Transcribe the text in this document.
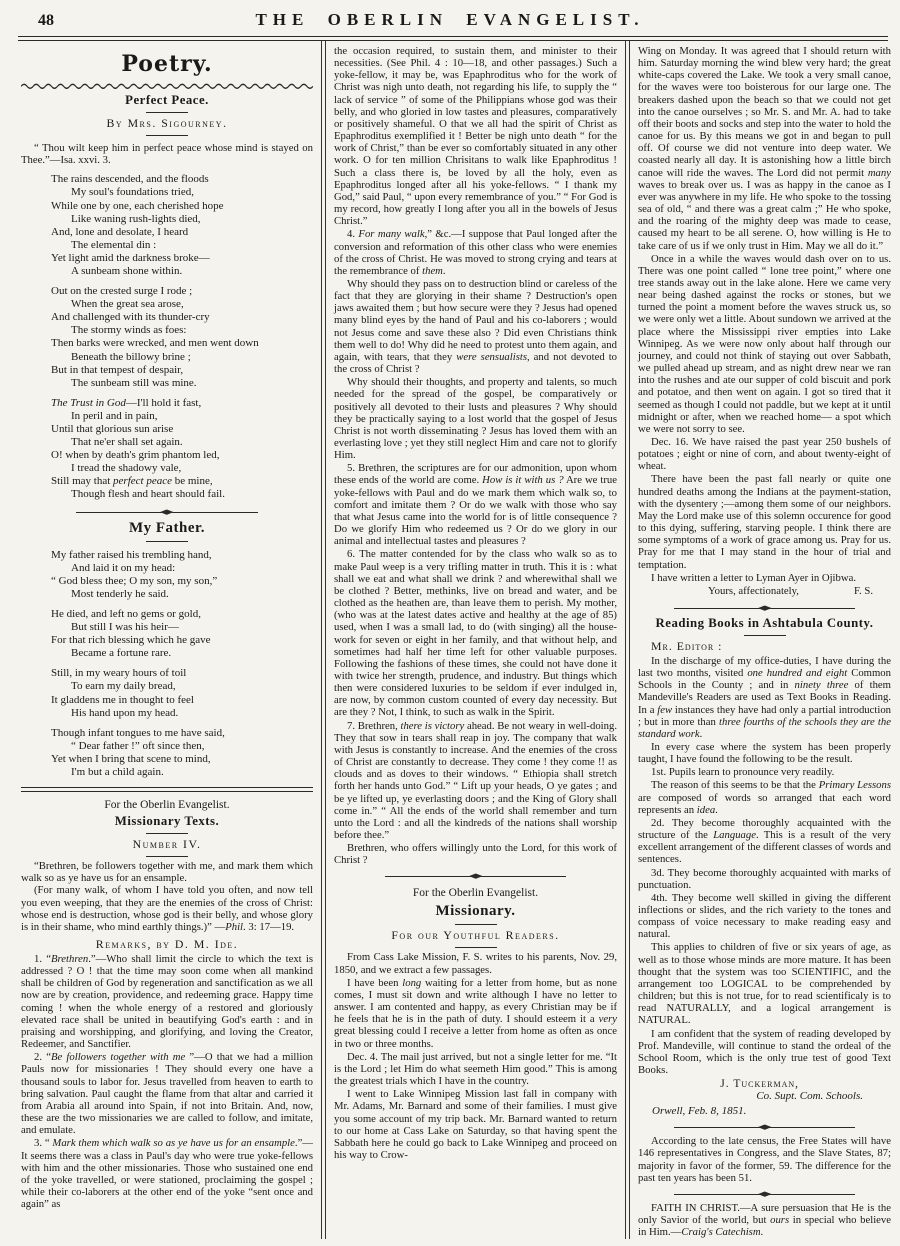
48	THE OBERLIN EVANGELIST.
Poetry.
Perfect Peace.
By Mrs. Sigourney.

“ Thou wilt keep him in perfect peace whose mind is stayed on Thee.”—Isa. xxvi. 3.

The rains descended, and the floods
My soul's foundations tried,
While one by one, each cherished hope
Like waning rush-lights died,
And, lone and desolate, I heard
The elemental din :
Yet light amid the darkness broke—
A sunbeam shone within.
Out on the crested surge I rode ;
When the great sea arose,
And challenged with its thunder-cry
The stormy winds as foes:
Then barks were wrecked, and men went down
Beneath the billowy brine ;
But in that tempest of despair,
The sunbeam still was mine.
The Trust in God—I'll hold it fast,
In peril and in pain,
Until that glorious sun arise
That ne'er shall set again.
O! when by death's grim phantom led,
I tread the shadowy vale,
Still may that perfect peace be mine,
Though flesh and heart should fail.
◆
My Father.
My father raised his trembling hand,
And laid it on my head:
“ God bless thee; O my son, my son,”
Most tenderly he said.
He died, and left no gems or gold,
But still I was his heir—
For that rich blessing which he gave
Became a fortune rare.
Still, in my weary hours of toil
To earn my daily bread,
It gladdens me in thought to feel
His hand upon my head.
Though infant tongues to me have said,
“ Dear father !” oft since then,
Yet when I bring that scene to mind,
I'm but a child again.
For the Oberlin Evangelist.
Missionary Texts.
Number IV.

“Brethren, be followers together with me, and mark them which walk so as ye have us for an ensample.

(For many walk, of whom I have told you often, and now tell you even weeping, that they are the enemies of the cross of Christ: whose end is destruction, whose god is their belly, and whose glory is in their shame, who mind earthly things.)” —Phil. 3: 17—19.

Remarks, by D. M. Ide.

1. “Brethren.”—Who shall limit the circle to which the text is addressed ? O ! that the time may soon come when all mankind shall be children of God by regeneration and sanctification as we all now are by creation, providence, and redeeming grace. Happy time coming ! when the whole energy of a restored and gloriously elevated race shall be united in beautifying God's earth : and in praising and worshipping, and glorifying, and loving the Creator, Redeemer, and Sanctifier.

2. “Be followers together with me ”—O that we had a million Pauls now for missionaries ! They should every one have a thousand souls to labor for. Jesus travelled from heaven to earth to bring salvation. Paul caught the flame from that altar and carried it from Arabia all around into Spain, if not into Britain. And, now, these are the two missionaries we are called to follow, and imitate, and emulate.

3. “ Mark them which walk so as ye have us for an ensample.”—It seems there was a class in Paul's day who were true yoke-fellows with him and the other missionaries. Those who sustained one end of the yoke travelled, or were stationed, proclaiming the gospel ; while their co-laborers at the other end of the yoke “sent once and again” as

the occasion required, to sustain them, and minister to their necessities. (See Phil. 4 : 10—18, and other passages.) Such a yoke-fellow, it may be, was Epaphroditus who for the work of Christ was nigh unto death, not regarding his life, to supply the “ lack of service ” of some of the Philippians whose god was their belly, and who gloried in low tastes and pleasures, comparatively or positively shameful. O that we all had the spirit of Christ as Epaphroditus exemplified it ! Better be nigh unto death “ for the work of Christ,” than be ever so comfortably situated in any other work. O for ten million Chrisitans to walk like Epaphroditus ! Such a class there is, be loved by all the holy, even as Epaphroditus longed after all his yoke-fellows. “ I thank my God,” said Paul, “ upon every remembrance of you.” “ For God is my record, how greatly I long after you all in the bowels of Jesus Christ.”

4. For many walk,” &c.—I suppose that Paul longed after the conversion and reformation of this other class who were enemies of the cross of Christ. He was moved to strong crying and tears at the remembrance of them.

Why should they pass on to destruction blind or careless of the fact that they are glorying in their shame ? Destruction's open jaws awaited them ; but how secure were they ? Jesus had opened many blind eyes by the hand of Paul and his co-laborers ; would not Jesus come and save these also ? Did even Christians think them well to do! Why did he need to protest unto them again, and again, with tears, that they were sensualists, and not devoted to the cross of Christ ?

Why should their thoughts, and property and talents, so much needed for the spread of the gospel, be comparatively or positively all devoted to their lusts and pleasures ? Why should they be practically saying to a lost world that the gospel of Jesus Christ is not worth disseminating ? Jesus has loved them with an everlasting love ; yet they still neglect Him and care not to glorify Him.

5. Brethren, the scriptures are for our admonition, upon whom these ends of the world are come. How is it with us ? Are we true yoke-fellows with Paul and do we mark them which walk so, to comfort and imitate them ? Or do we walk with those who say that what Jesus came into the world for is of little consequence ? Do we glorify Him who redeemed us ? Or do we glory in our animal and intellectual tastes and pleasures ?

6. The matter contended for by the class who walk so as to make Paul weep is a very trifling matter in truth. This it is : what shall we eat and what shall we drink ? and wherewithal shall we be clothed ? Better, methinks, live on bread and water, and be clothed as the heathen are, than leave them to perish. My mother, (who was at the latest dates active and healthy at the age of 85) used, when I was a small lad, to do (with singing) all the house-work for seven or eight in her family, and that without help, and sometimes had half her time left for other valuable purposes. Following the fashions of these times, she could not have done it with twice her strength, prudence, and industry. But things which then were considered luxuries to be seldom if ever indulged in, are now, by common custom counted of every day necessity. But are they ? Not, I think, to such as walk in the Spirit.

7. Brethren, there is victory ahead. Be not weary in well-doing. They that sow in tears shall reap in joy. The company that walk with Jesus is constantly to increase. And the enemies of the cross of Christ are constantly to decrease. They come ! they come !! as clouds and as doves to their windows. “ Ethiopia shall stretch forth her hands unto God.” “ Lift up your heads, O ye gates ; and be ye lifted up, ye everlasting doors ; and the King of Glory shall come in.” “ All the ends of the world shall remember and turn unto the Lord : and all the kindreds of the nations shall worship before thee.”

Brethren, who offers willingly unto the Lord, for this work of Christ ?

◆
For the Oberlin Evangelist.
Missionary.
For our Youthful Readers.

From Cass Lake Mission, F. S. writes to his parents, Nov. 29, 1850, and we extract a few passages.

I have been long waiting for a letter from home, but as none comes, I must sit down and write although I have no letter to answer. I am contented and happy, as every Christian may be if he feels that he is in the path of duty. I should esteem it a very great blessing could I receive a letter from home as often as once in two or three months.

Dec. 4. The mail just arrived, but not a single letter for me. “It is the Lord ; let Him do what seemeth Him good.” This is among the greatest trials which I have in the country.

I went to Lake Winnipeg Mission last fall in company with Mr. Adams, Mr. Barnard and some of their families. I must give you some account of my trip back. Mr. Barnard wanted to return to our home at Cass Lake on Saturday, so that having spent the Sabbath here he could go back to Lake Winnipeg and proceed on his way to Crow-

Wing on Monday. It was agreed that I should return with him. Saturday morning the wind blew very hard; the great white-caps covered the Lake. We took a very small canoe, for the waves were too boisterous for our large one. The breakers dashed upon the beach so that we could not get into the canoe ourselves ; so Mr. S. and Mr. A. had to take off their boots and socks and step into the water to hold the canoe for us. By this means we got in and began to pull off. Of course we did not venture into deep water. We coasted nearly all day. It is astonishing how a little birch canoe will ride the waves. The Lord did not permit many waves to break over us. I was as happy in the canoe as I ever was anywhere in my life. He who spoke to the tossing sea of old, “ and there was a great calm ;” He who spoke, and the roaring of the mighty deep was made to cease, caused my heart to be all serene. O, how willing is He to take care of us if we only trust in Him. May we all do it.”

Once in a while the waves would dash over on to us. There was one point called “ lone tree point,” where one tree stands away out in the lake alone. Here we came very near being dashed against the rocks or stones, but we turned the point a moment before the waves struck us, so we were only wet a little. About sundown we arrived at the place where the Mississippi river empties into Lake Winnipeg. As we were now only about half through our journey, and could not think of staying out over Sabbath, we pulled ahead up stream, and as night drew near we ran into the rushes and ate our supper of cold biscuit and pork and potatoe, and then went on again. I got so tired that it seemed as though I could not paddle, but we kept at it until midnight or after, when we reached home— a spot which we were not sorry to see.

Dec. 16. We have raised the past year 250 bushels of potatoes ; eight or nine of corn, and about twenty-eight of wheat.

There have been the past fall nearly or quite one hundred deaths among the Indians at the payment-station, with the dysentery ;—among them some of our neighbors. May the Lord make use of this solemn occurence for good to this dying, suffering, starving people. I think there are some symptoms of a work of grace among us. Pray for us. Pray for me that I may stand in the hour of trial and temptation.

I have written a letter to Lyman Ayer in Ojibwa.

Yours, affectionately,	F. S.
◆
Reading Books in Ashtabula County.
Mr. Editor :

In the discharge of my office-duties, I have during the last two months, visited one hundred and eight Common Schools in the County ; and in ninety three of them Mandeville's Readers are used as Text Books in Reading. In a few instances they have had only a partial introduction ; but in more than three fourths of the schools they are the standard work.

In every case where the system has been properly taught, I have found the following to be the result.

1st. Pupils learn to pronounce very readily.

The reason of this seems to be that the Primary Lessons are composed of words so arranged that each word represents an idea.

2d. They become thoroughly acquainted with the structure of the Language. This is a result of the very excellent arrangement of the different classes of words and sentences.

3d. They become thoroughly acquainted with marks of punctuation.

4th. They become well skilled in giving the different inflections or slides, and the rich variety to the tones and compass of voice necessary to make reading easy and natural.

This applies to children of five or six years of age, as well as to those whose minds are more mature. It has been thought that the system was too SCIENTIFIC, and the arrangement too LOGICAL to be comprehended by children; but this is not true, for to read scientificaly is to read NATURALLY, and a logical arrangement is NATURAL.

I am confident that the system of reading developed by Prof. Mandeville, will continue to stand the ordeal of the School Room, which is the only true test of good Text Books.

J. Tuckerman,
Co. Supt. Com. Schools.
Orwell, Feb. 8, 1851.
◆

According to the late census, the Free States will have 146 representatives in Congress, and the Slave States, 87; majority in favor of the former, 59. The difference for the past ten years has been 51.

◆

FAITH IN CHRIST.—A sure persuasion that He is the only Savior of the world, but ours in special who believe in Him.—Craig's Catechism.
